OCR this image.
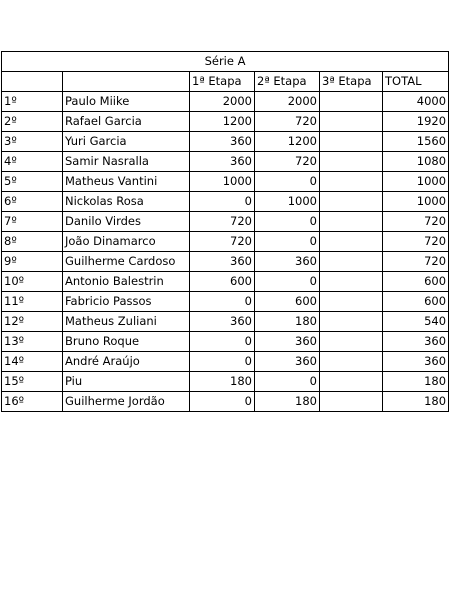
Série A					
		1ª Etapa	2ª Etapa	3ª Etapa	TOTAL
1º	Paulo Miike	2000	2000		4000
2º	Rafael Garcia	1200	720		1920
3º	Yuri Garcia	360	1200		1560
4º	Samir Nasralla	360	720		1080
5º	Matheus Vantini	1000	0		1000
6º	Nickolas Rosa	0	1000		1000
7º	Danilo Virdes	720	0		720
8º	João Dinamarco	720	0		720
9º	Guilherme Cardoso	360	360		720
10º	Antonio Balestrin	600	0		600
11º	Fabricio Passos	0	600		600
12º	Matheus Zuliani	360	180		540
13º	Bruno Roque	0	360		360
14º	André Araújo	0	360		360
15º	Piu	180	0		180
16º	Guilherme Jordão	0	180		180
